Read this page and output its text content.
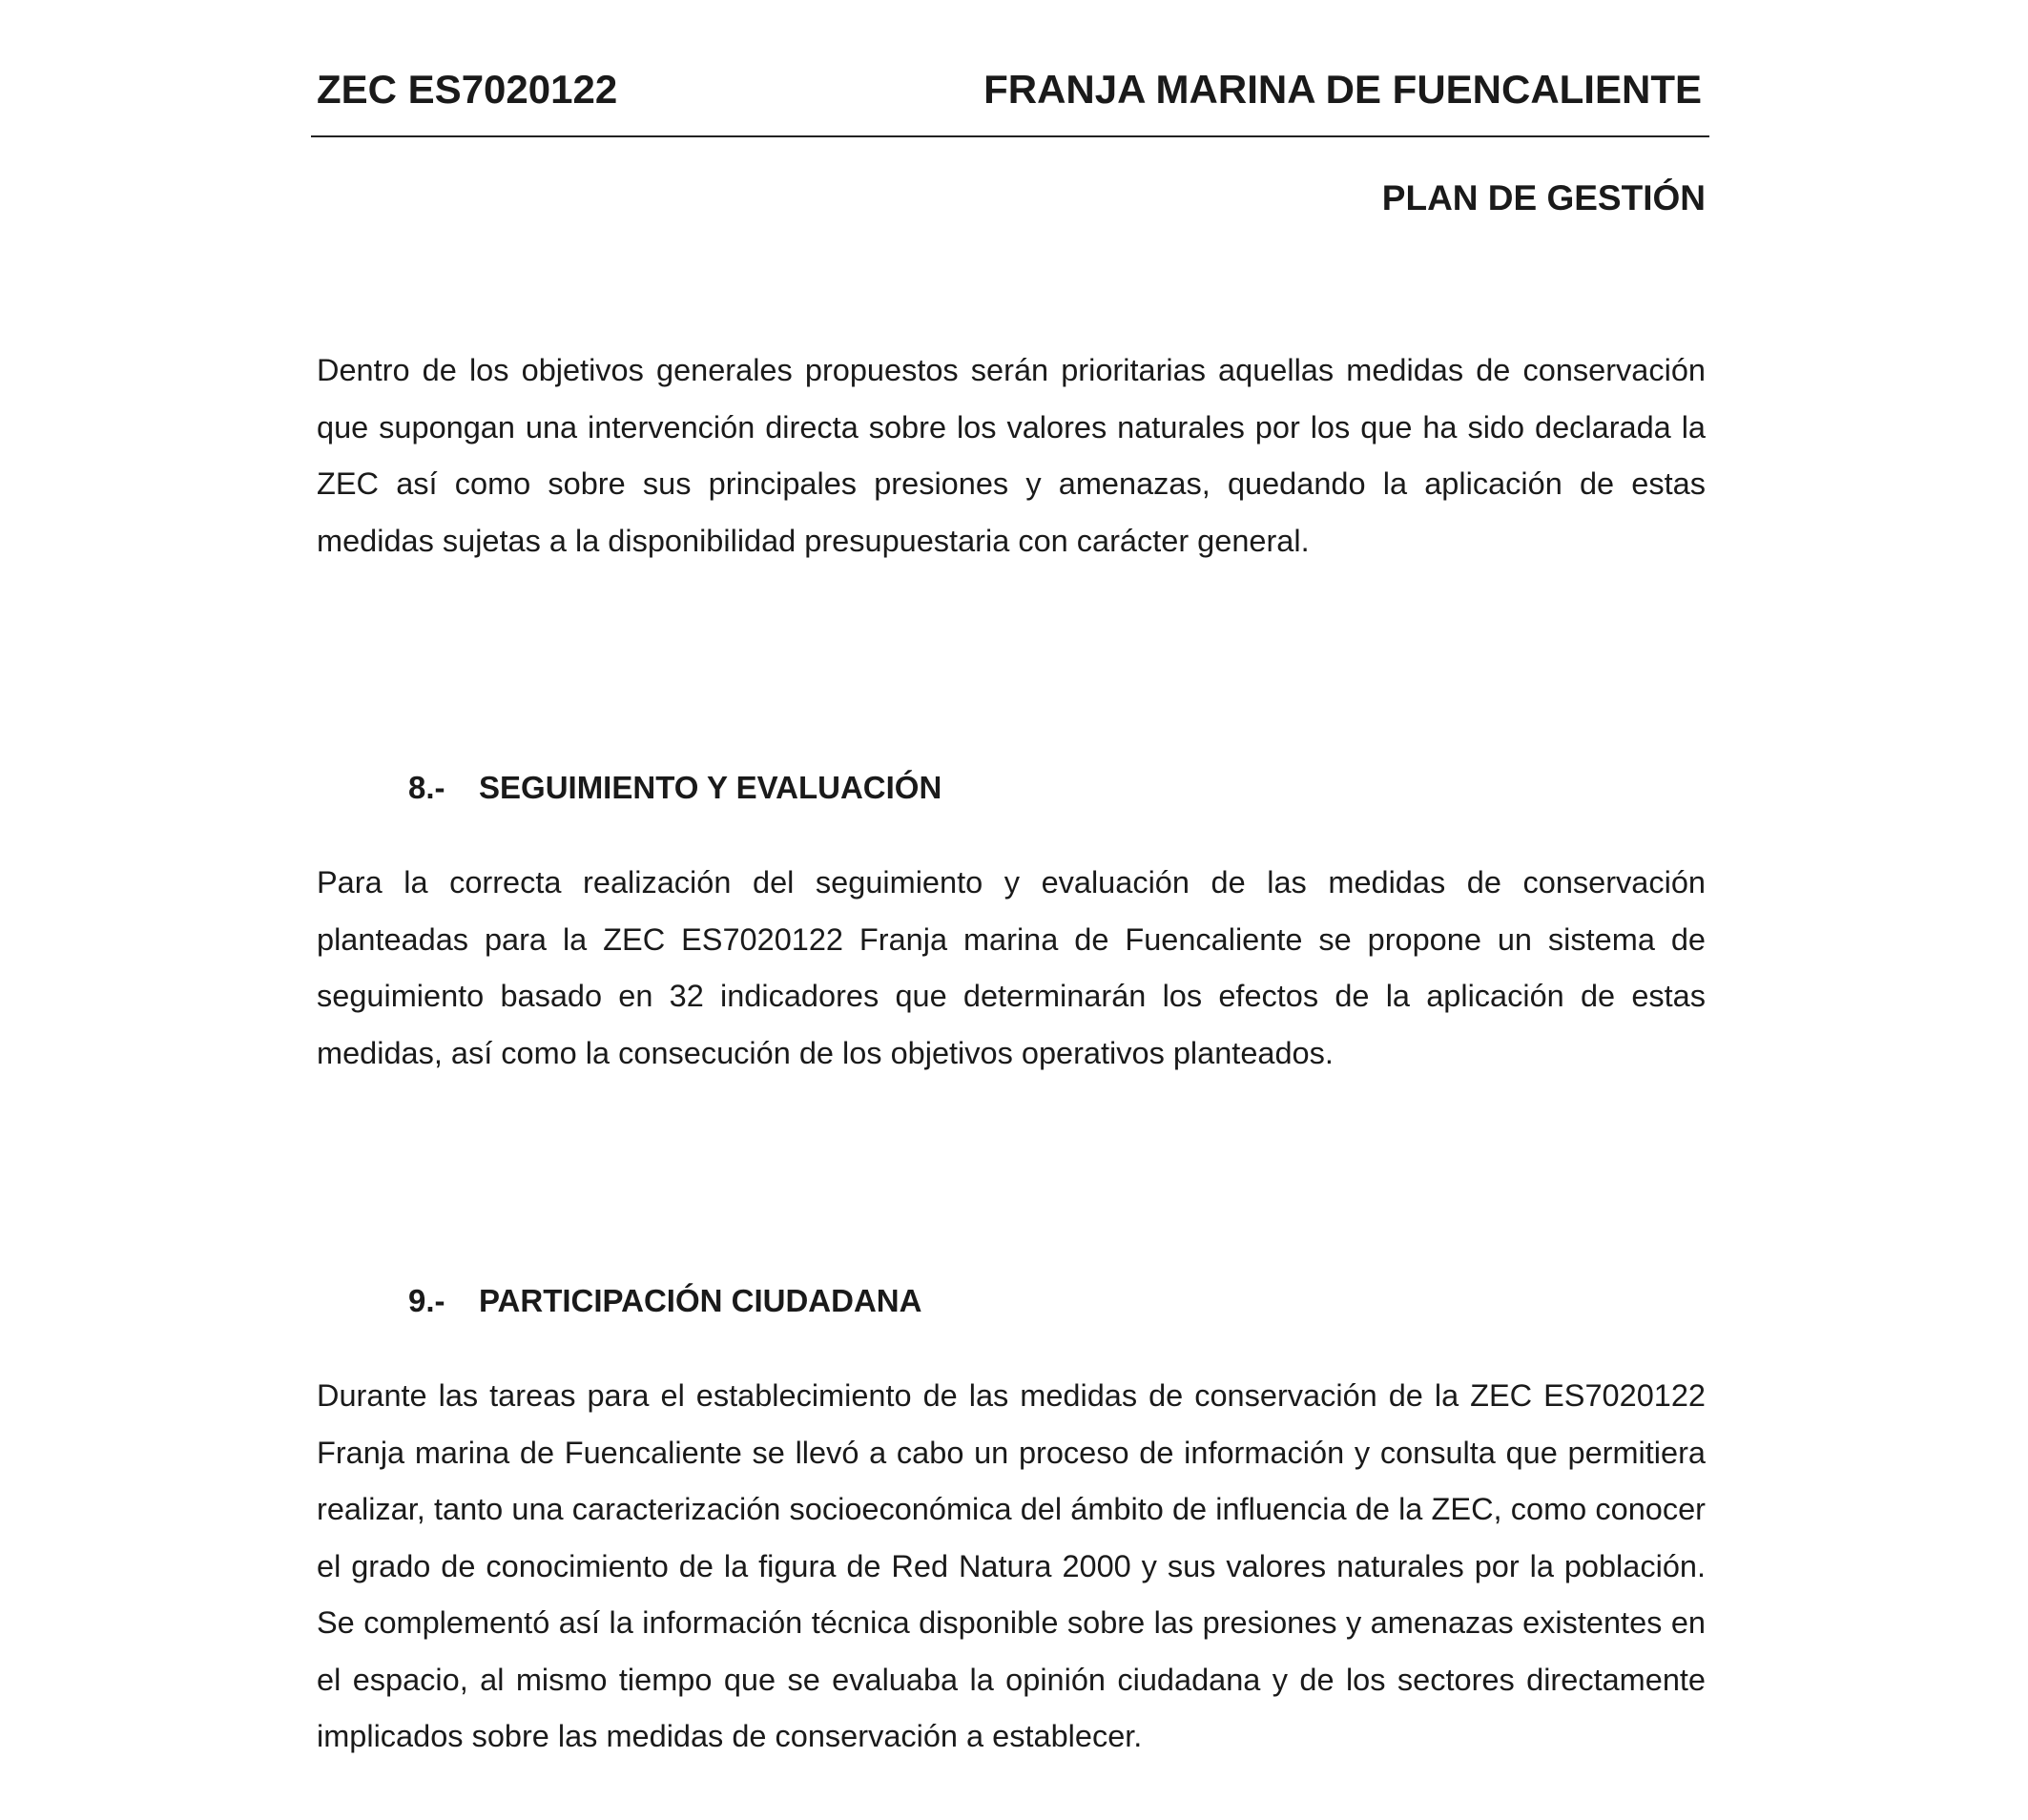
ZEC ES7020122	FRANJA MARINA DE FUENCALIENTE
PLAN DE GESTIÓN

Dentro de los objetivos generales propuestos serán prioritarias aquellas medidas de conservación que supongan una intervención directa sobre los valores naturales por los que ha sido declarada la ZEC así como sobre sus principales presiones y amenazas, quedando la aplicación de estas medidas sujetas a la disponibilidad presupuestaria con carácter general.

8.- SEGUIMIENTO Y EVALUACIÓN

Para la correcta realización del seguimiento y evaluación de las medidas de conservación planteadas para la ZEC ES7020122 Franja marina de Fuencaliente se propone un sistema de seguimiento basado en 32 indicadores que determinarán los efectos de la aplicación de estas medidas, así como la consecución de los objetivos operativos planteados.

9.- PARTICIPACIÓN CIUDADANA

Durante las tareas para el establecimiento de las medidas de conservación de la ZEC ES7020122 Franja marina de Fuencaliente se llevó a cabo un proceso de información y consulta que permitiera realizar, tanto una caracterización socioeconómica del ámbito de influencia de la ZEC, como conocer el grado de conocimiento de la figura de Red Natura 2000 y sus valores naturales por la población. Se complementó así la información técnica disponible sobre las presiones y amenazas existentes en el espacio, al mismo tiempo que se evaluaba la opinión ciudadana y de los sectores directamente implicados sobre las medidas de conservación a establecer.
